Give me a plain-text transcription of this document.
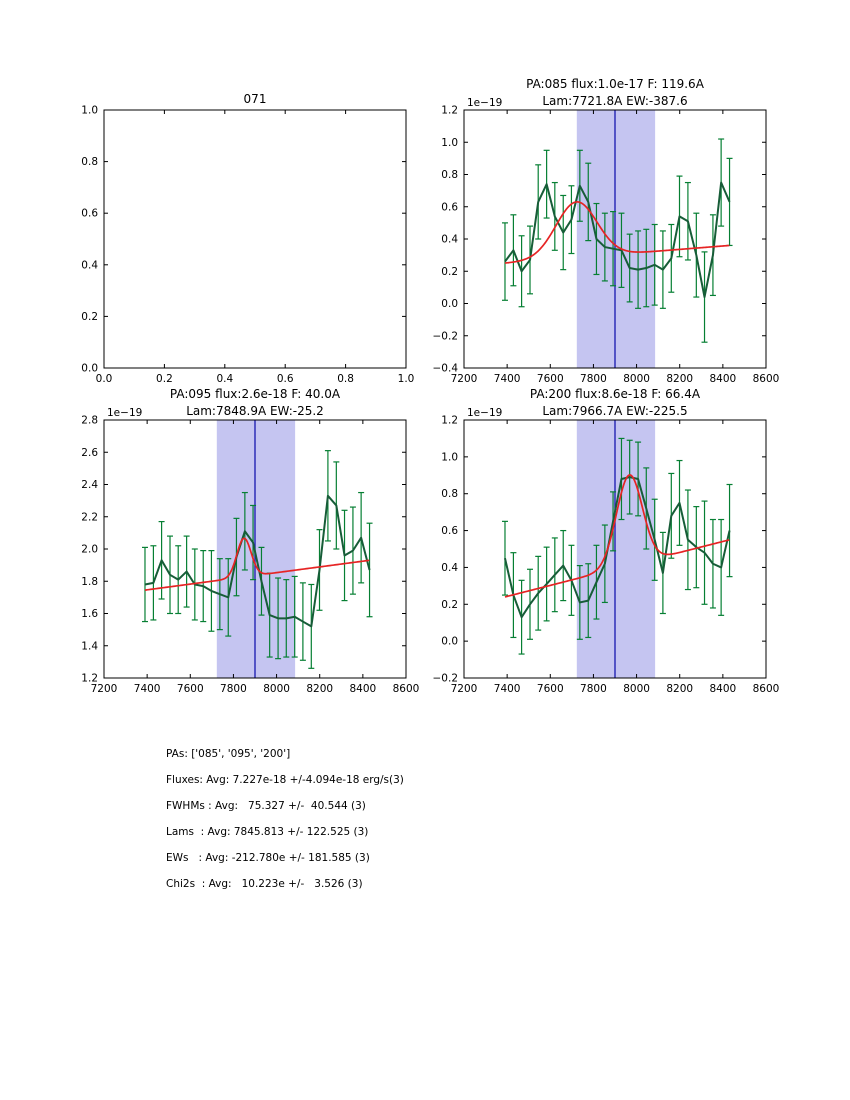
0.0	0.2	0.4	0.6	0.8	1.0
0.0
0.2
0.4
0.6
0.8
1.0
071
7200 7400 7600 7800 8000 8200 8400 8600
−0.4
−0.2
0.0
0.2
0.4
0.6
0.8
1.0
1.2
1e−19
PA:085 flux:1.0e-17 F: 119.6A
Lam:7721.8A EW:-387.6
7200 7400 7600 7800 8000 8200 8400 8600
1.2
1.4
1.6
1.8
2.0
2.2
2.4
2.6
2.8
1e−19
PA:095 flux:2.6e-18 F: 40.0A
Lam:7848.9A EW:-25.2
7200 7400 7600 7800 8000 8200 8400 8600
−0.2
0.0
0.2
0.4
0.6
0.8
1.0
1.2
1e−19
PA:200 flux:8.6e-18 F: 66.4A
Lam:7966.7A EW:-225.5
PAs: ['085', '095', '200']
Fluxes: Avg: 7.227e-18 +/-4.094e-18 erg/s(3)
FWHMs : Avg:   75.327 +/-  40.544 (3)
Lams  : Avg: 7845.813 +/- 122.525 (3)
EWs   : Avg: -212.780e +/- 181.585 (3)
Chi2s  : Avg:   10.223e +/-   3.526 (3)
